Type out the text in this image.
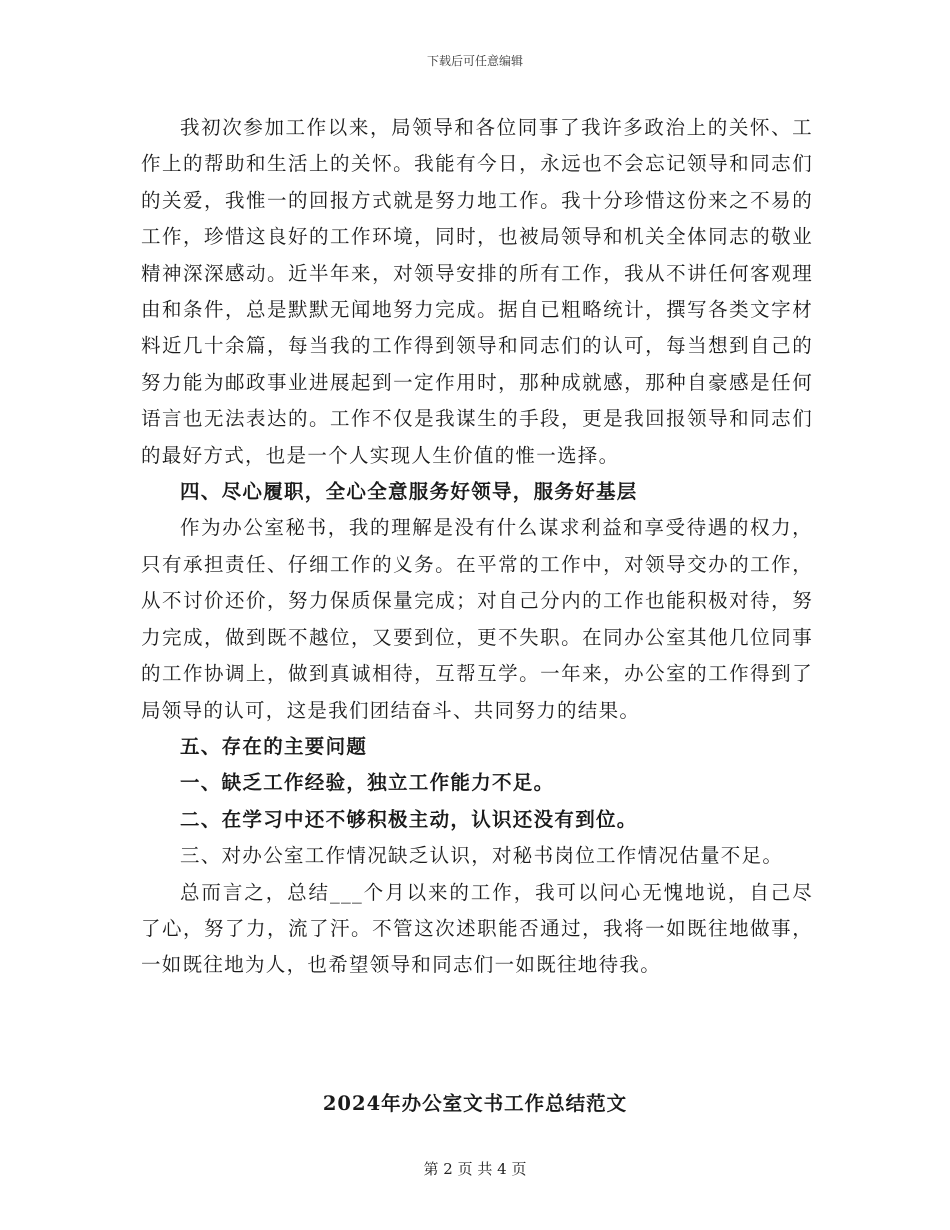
下载后可任意编辑

我初次参加工作以来，局领导和各位同事了我许多政治上的关怀、工作上的帮助和生活上的关怀。我能有今日，永远也不会忘记领导和同志们的关爱，我惟一的回报方式就是努力地工作。我十分珍惜这份来之不易的工作，珍惜这良好的工作环境，同时，也被局领导和机关全体同志的敬业精神深深感动。近半年来，对领导安排的所有工作，我从不讲任何客观理由和条件，总是默默无闻地努力完成。据自已粗略统计，撰写各类文字材料近几十余篇，每当我的工作得到领导和同志们的认可，每当想到自己的努力能为邮政事业进展起到一定作用时，那种成就感，那种自豪感是任何语言也无法表达的。工作不仅是我谋生的手段，更是我回报领导和同志们的最好方式，也是一个人实现人生价值的惟一选择。

四、尽心履职，全心全意服务好领导，服务好基层

作为办公室秘书，我的理解是没有什么谋求利益和享受待遇的权力，只有承担责任、仔细工作的义务。在平常的工作中，对领导交办的工作，从不讨价还价，努力保质保量完成；对自己分内的工作也能积极对待，努力完成，做到既不越位，又要到位，更不失职。在同办公室其他几位同事的工作协调上，做到真诚相待，互帮互学。一年来，办公室的工作得到了局领导的认可，这是我们团结奋斗、共同努力的结果。

五、存在的主要问题

一、缺乏工作经验，独立工作能力不足。

二、在学习中还不够积极主动，认识还没有到位。

三、对办公室工作情况缺乏认识，对秘书岗位工作情况估量不足。

总而言之，总结___个月以来的工作，我可以问心无愧地说，自己尽了心，努了力，流了汗。不管这次述职能否通过，我将一如既往地做事，一如既往地为人，也希望领导和同志们一如既往地待我。

2024年办公室文书工作总结范文
第 2 页 共 4 页
